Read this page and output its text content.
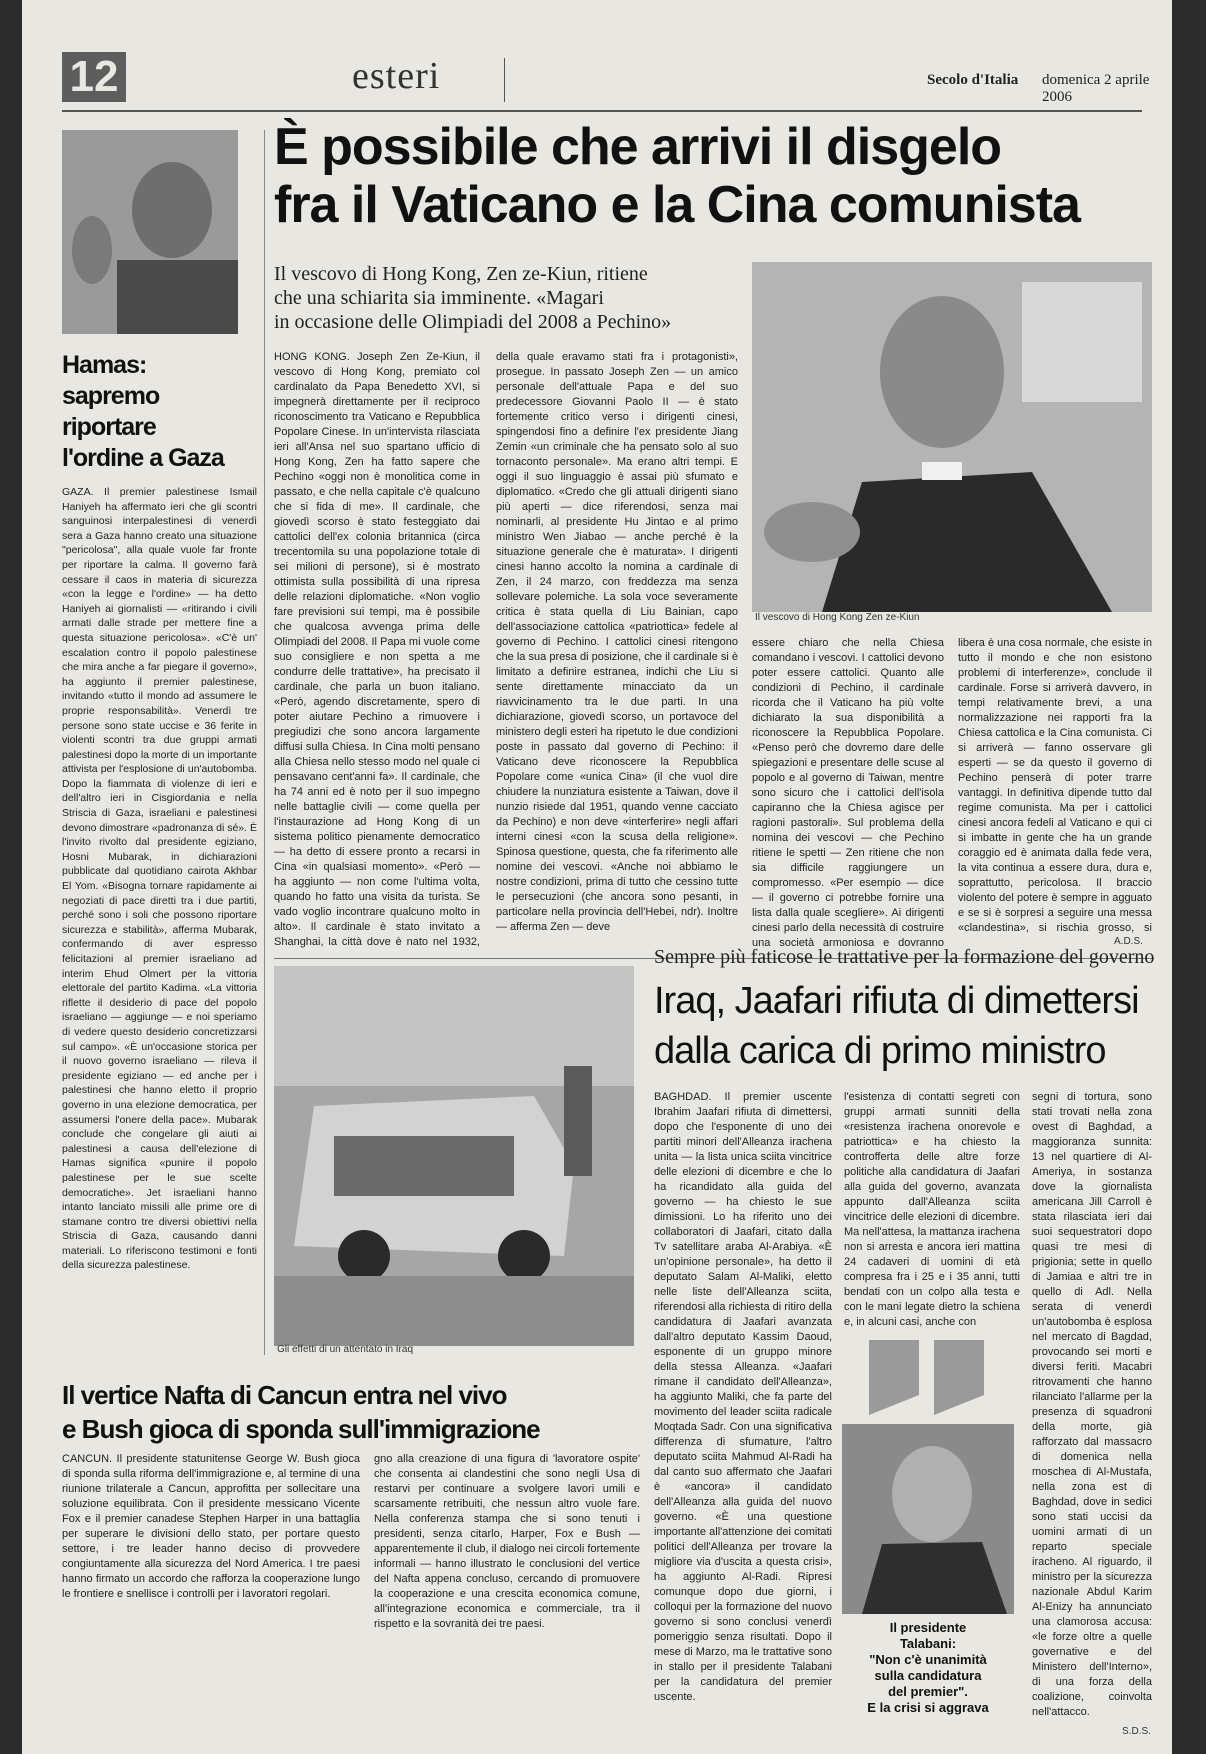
12	esteri	Secolo d'Italia domenica 2 aprile 2006
Hamas:
sapremo
riportare
l'ordine a Gaza

GAZA. Il premier palestinese Ismail Haniyeh ha affermato ieri che gli scontri sanguinosi interpalestinesi di venerdì sera a Gaza hanno creato una situazione "pericolosa", alla quale vuole far fronte per riportare la calma. Il governo farà cessare il caos in materia di sicurezza «con la legge e l'ordine» — ha detto Haniyeh ai giornalisti — «ritirando i civili armati dalle strade per mettere fine a questa situazione pericolosa». «C'è un' escalation contro il popolo palestinese che mira anche a far piegare il governo», ha aggiunto il premier palestinese, invitando «tutto il mondo ad assumere le proprie responsabilità». Venerdì tre persone sono state uccise e 36 ferite in violenti scontri tra due gruppi armati palestinesi dopo la morte di un importante attivista per l'esplosione di un'autobomba. Dopo la fiammata di violenze di ieri e dell'altro ieri in Cisgiordania e nella Striscia di Gaza, israeliani e palestinesi devono dimostrare «padronanza di sé». È l'invito rivolto dal presidente egiziano, Hosni Mubarak, in dichiarazioni pubblicate dal quotidiano cairota Akhbar El Yom. «Bisogna tornare rapidamente ai negoziati di pace diretti tra i due partiti, perché sono i soli che possono riportare sicurezza e stabilità», afferma Mubarak, confermando di aver espresso felicitazioni al premier israeliano ad interim Ehud Olmert per la vittoria elettorale del partito Kadima. «La vittoria riflette il desiderio di pace del popolo israeliano — aggiunge — e noi speriamo di vedere questo desiderio concretizzarsi sul campo». «È un'occasione storica per il nuovo governo israeliano — rileva il presidente egiziano — ed anche per i palestinesi che hanno eletto il proprio governo in una elezione democratica, per assumersi l'onere della pace». Mubarak conclude che congelare gli aiuti ai palestinesi a causa dell'elezione di Hamas significa «punire il popolo palestinese per le sue scelte democratiche». Jet israeliani hanno intanto lanciato missili alle prime ore di stamane contro tre diversi obiettivi nella Striscia di Gaza, causando danni materiali. Lo riferiscono testimoni e fonti della sicurezza palestinese.

È possibile che arrivi il disgelo
fra il Vaticano e la Cina comunista
Il vescovo di Hong Kong, Zen ze-Kiun, ritiene
che una schiarita sia imminente. «Magari
in occasione delle Olimpiadi del 2008 a Pechino»
Il vescovo di Hong Kong Zen ze-Kiun

HONG KONG. Joseph Zen Ze-Kiun, il vescovo di Hong Kong, premiato col cardinalato da Papa Benedetto XVI, si impegnerà direttamente per il reciproco riconoscimento tra Vaticano e Repubblica Popolare Cinese. In un'intervista rilasciata ieri all'Ansa nel suo spartano ufficio di Hong Kong, Zen ha fatto sapere che Pechino «oggi non è monolitica come in passato, e che nella capitale c'è qualcuno che si fida di me». Il cardinale, che giovedì scorso è stato festeggiato dai cattolici dell'ex colonia britannica (circa trecentomila su una popolazione totale di sei milioni di persone), si è mostrato ottimista sulla possibilità di una ripresa delle relazioni diplomatiche. «Non voglio fare previsioni sui tempi, ma è possibile che qualcosa avvenga prima delle Olimpiadi del 2008. Il Papa mi vuole come suo consigliere e non spetta a me condurre delle trattative», ha precisato il cardinale, che parla un buon italiano. «Però, agendo discretamente, spero di poter aiutare Pechino a rimuovere i pregiudizi che sono ancora largamente diffusi sulla Chiesa. In Cina molti pensano alla Chiesa nello stesso modo nel quale ci pensavano cent'anni fa». Il cardinale, che ha 74 anni ed è noto per il suo impegno nelle battaglie civili — come quella per l'instaurazione ad Hong Kong di un sistema politico pienamente democratico — ha detto di essere pronto a recarsi in Cina «in qualsiasi momento». «Però — ha aggiunto — non come l'ultima volta, quando ho fatto una visita da turista. Se vado voglio incontrare qualcuno molto in alto». Il cardinale è stato invitato a Shanghai, la città dove è nato nel 1932,

della quale eravamo stati fra i protagonisti», prosegue. In passato Joseph Zen — un amico personale dell'attuale Papa e del suo predecessore Giovanni Paolo II — è stato fortemente critico verso i dirigenti cinesi, spingendosi fino a definire l'ex presidente Jiang Zemin «un criminale che ha pensato solo al suo tornaconto personale». Ma erano altri tempi. E oggi il suo linguaggio è assai più sfumato e diplomatico. «Credo che gli attuali dirigenti siano più aperti — dice riferendosi, senza mai nominarli, al presidente Hu Jintao e al primo ministro Wen Jiabao — anche perché è la situazione generale che è maturata». I dirigenti cinesi hanno accolto la nomina a cardinale di Zen, il 24 marzo, con freddezza ma senza sollevare polemiche. La sola voce severamente critica è stata quella di Liu Bainian, capo dell'associazione cattolica «patriottica» fedele al governo di Pechino. I cattolici cinesi ritengono che la sua presa di posizione, che il cardinale si è limitato a definire estranea, indichi che Liu si sente direttamente minacciato da un riavvicinamento tra le due parti. In una dichiarazione, giovedì scorso, un portavoce del ministero degli esteri ha ripetuto le due condizioni poste in passato dal governo di Pechino: il Vaticano deve riconoscere la Repubblica Popolare come «unica Cina» (il che vuol dire chiudere la nunziatura esistente a Taiwan, dove il nunzio risiede dal 1951, quando venne cacciato da Pechino) e non deve «interferire» negli affari interni cinesi «con la scusa della religione». Spinosa questione, questa, che fa riferimento alle nomine dei vescovi. «Anche noi abbiamo le nostre condizioni, prima di tutto che cessino tutte le persecuzioni (che ancora sono pesanti, in particolare nella provincia dell'Hebei, ndr). Inoltre — afferma Zen — deve

essere chiaro che nella Chiesa comandano i vescovi. I cattolici devono poter essere cattolici. Quanto alle condizioni di Pechino, il cardinale ricorda che il Vaticano ha più volte dichiarato la sua disponibilità a riconoscere la Repubblica Popolare. «Penso però che dovremo dare delle spiegazioni e presentare delle scuse al popolo e al governo di Taiwan, mentre sono sicuro che i cattolici dell'isola capiranno che la Chiesa agisce per ragioni pastorali». Sul problema della nomina dei vescovi — che Pechino ritiene le spetti — Zen ritiene che non sia difficile raggiungere un compromesso. «Per esempio — dice — il governo ci potrebbe fornire una lista dalla quale scegliere». Ai dirigenti cinesi parlo della necessità di costruire una società armoniosa e dovranno

libera è una cosa normale, che esiste in tutto il mondo e che non esistono problemi di interferenze», conclude il cardinale. Forse si arriverà davvero, in tempi relativamente brevi, a una normalizzazione nei rapporti fra la Chiesa cattolica e la Cina comunista. Ci si arriverà — fanno osservare gli esperti — se da questo il governo di Pechino penserà di poter trarre vantaggi. In definitiva dipende tutto dal regime comunista. Ma per i cattolici cinesi ancora fedeli al Vaticano e qui ci si imbatte in gente che ha un grande coraggio ed è animata dalla fede vera, la vita continua a essere dura, dura e, soprattutto, pericolosa. Il braccio violento del potere è sempre in agguato e se si è sorpresi a seguire una messa «clandestina», si rischia grosso, si

A.D.S.
Gli effetti di un attentato in Iraq
Sempre più faticose le trattative per la formazione del governo
Iraq, Jaafari rifiuta di dimettersi
dalla carica di primo ministro

BAGHDAD. Il premier uscente Ibrahim Jaafari rifiuta di dimettersi, dopo che l'esponente di uno dei partiti minori dell'Alleanza irachena unita — la lista unica sciita vincitrice delle elezioni di dicembre e che lo ha ricandidato alla guida del governo — ha chiesto le sue dimissioni. Lo ha riferito uno dei collaboratori di Jaafari, citato dalla Tv satellitare araba Al-Arabiya. «È un'opinione personale», ha detto il deputato Salam Al-Maliki, eletto nelle liste dell'Alleanza sciita, riferendosi alla richiesta di ritiro della candidatura di Jaafari avanzata dall'altro deputato Kassim Daoud, esponente di un gruppo minore della stessa Alleanza. «Jaafari rimane il candidato dell'Alleanza», ha aggiunto Maliki, che fa parte del movimento del leader sciita radicale Moqtada Sadr. Con una significativa differenza di sfumature, l'altro deputato sciita Mahmud Al-Radi ha dal canto suo affermato che Jaafari è «ancora» il candidato dell'Alleanza alla guida del nuovo governo. «È una questione importante all'attenzione dei comitati politici dell'Alleanza per trovare la migliore via d'uscita a questa crisi», ha aggiunto Al-Radi. Ripresi comunque dopo due giorni, i colloqui per la formazione del nuovo governo si sono conclusi venerdì pomeriggio senza risultati. Dopo il mese di Marzo, ma le trattative sono in stallo per il presidente Talabani per la candidatura del premier uscente.

l'esistenza di contatti segreti con gruppi armati sunniti della «resistenza irachena onorevole e patriottica» e ha chiesto la controfferta delle altre forze politiche alla candidatura di Jaafari alla guida del governo, avanzata appunto dall'Alleanza sciita vincitrice delle elezioni di dicembre. Ma nell'attesa, la mattanza irachena non si arresta e ancora ieri mattina 24 cadaveri di uomini di età compresa fra i 25 e i 35 anni, tutti bendati con un colpo alla testa e con le mani legate dietro la schiena e, in alcuni casi, anche con

segni di tortura, sono stati trovati nella zona ovest di Baghdad, a maggioranza sunnita: 13 nel quartiere di Al-Ameriya, in sostanza dove la giornalista americana Jill Carroll è stata rilasciata ieri dai suoi sequestratori dopo quasi tre mesi di prigionia; sette in quello di Jamiaa e altri tre in quello di Adl. Nella serata di venerdì un'autobomba è esplosa nel mercato di Bagdad, provocando sei morti e diversi feriti. Macabri ritrovamenti che hanno rilanciato l'allarme per la presenza di squadroni della morte, già rafforzato dal massacro di domenica nella moschea di Al-Mustafa, nella zona est di Baghdad, dove in sedici sono stati uccisi da uomini armati di un reparto speciale iracheno. Al riguardo, il ministro per la sicurezza nazionale Abdul Karim Al-Enizy ha annunciato una clamorosa accusa: «le forze oltre a quelle governative e del Ministero dell'Interno», di una forza della coalizione, coinvolta nell'attacco.

S.D.S.
Il presidente
Talabani:
"Non c'è unanimità
sulla candidatura
del premier".
E la crisi si aggrava
Il vertice Nafta di Cancun entra nel vivo
e Bush gioca di sponda sull'immigrazione

CANCUN. Il presidente statunitense George W. Bush gioca di sponda sulla riforma dell'immigrazione e, al termine di una riunione trilaterale a Cancun, approfitta per sollecitare una soluzione equilibrata. Con il presidente messicano Vicente Fox e il premier canadese Stephen Harper in una battaglia per superare le divisioni dello stato, per portare questo settore, i tre leader hanno deciso di provvedere congiuntamente alla sicurezza del Nord America. I tre paesi hanno firmato un accordo che rafforza la cooperazione lungo le frontiere e snellisce i controlli per i lavoratori regolari.

gno alla creazione di una figura di 'lavoratore ospite' che consenta ai clandestini che sono negli Usa di restarvi per continuare a svolgere lavori umili e scarsamente retribuiti, che nessun altro vuole fare. Nella conferenza stampa che si sono tenuti i presidenti, senza citarlo, Harper, Fox e Bush — apparentemente il club, il dialogo nei circoli fortemente informali — hanno illustrato le conclusioni del vertice del Nafta appena concluso, cercando di promuovere la cooperazione e una crescita economica comune, all'integrazione economica e commerciale, tra il rispetto e la sovranità dei tre paesi.
